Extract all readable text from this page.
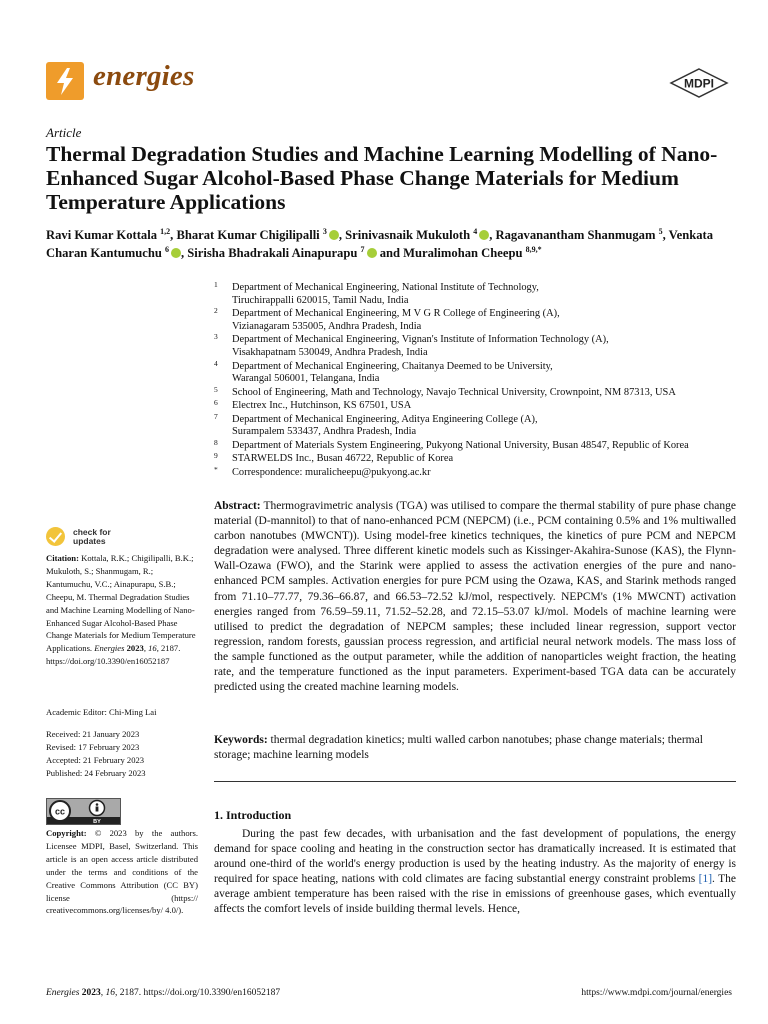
energies	MDPI
Article
Thermal Degradation Studies and Machine Learning Modelling of Nano-Enhanced Sugar Alcohol-Based Phase Change Materials for Medium Temperature Applications
Ravi Kumar Kottala $^{1,2}$, Bharat Kumar Chigilipalli $^3$ , Srinivasnaik Mukuloth $^4$ , Ragavanantham Shanmugam $^5$, Venkata Charan Kantumuchu $^6$ , Sirisha Bhadrakali Ainapurapu $^7$ and Muralimohan Cheepu $^{8,9,*}$
1 Department of Mechanical Engineering, National Institute of Technology,
Tiruchirappalli 620015, Tamil Nadu, India
2 Department of Mechanical Engineering, M V G R College of Engineering (A),
Vizianagaram 535005, Andhra Pradesh, India
3 Department of Mechanical Engineering, Vignan's Institute of Information Technology (A),
Visakhapatnam 530049, Andhra Pradesh, India
4 Department of Mechanical Engineering, Chaitanya Deemed to be University,
Warangal 506001, Telangana, India
5 School of Engineering, Math and Technology, Navajo Technical University, Crownpoint, NM 87313, USA
6 Electrex Inc., Hutchinson, KS 67501, USA
7 Department of Mechanical Engineering, Aditya Engineering College (A),
Surampalem 533437, Andhra Pradesh, India
8 Department of Materials System Engineering, Pukyong National University, Busan 48547, Republic of Korea
9 STARWELDS Inc., Busan 46722, Republic of Korea
* Correspondence: muralicheepu@pukyong.ac.kr
check for
updates
Citation: Kottala, R.K.; Chigilipalli, B.K.; Mukuloth, S.; Shanmugam, R.; Kantumuchu, V.C.; Ainapurapu, S.B.; Cheepu, M. Thermal Degradation Studies and Machine Learning Modelling of Nano-Enhanced Sugar Alcohol-Based Phase Change Materials for Medium Temperature Applications. Energies 2023, 16, 2187. https://doi.org/10.3390/en16052187
Academic Editor: Chi-Ming Lai
Received: 21 January 2023
Revised: 17 February 2023
Accepted: 21 February 2023
Published: 24 February 2023
cc
BY
Copyright: © 2023 by the authors. Licensee MDPI, Basel, Switzerland. This article is an open access article distributed under the terms and conditions of the Creative Commons Attribution (CC BY) license (https:// creativecommons.org/licenses/by/ 4.0/).
Abstract: Thermogravimetric analysis (TGA) was utilised to compare the thermal stability of pure phase change material (D-mannitol) to that of nano-enhanced PCM (NEPCM) (i.e., PCM containing 0.5% and 1% multiwalled carbon nanotubes (MWCNT)). Using model-free kinetics techniques, the kinetics of pure PCM and NEPCM degradation were analysed. Three different kinetic models such as Kissinger-Akahira-Sunose (KAS), the Flynn-Wall-Ozawa (FWO), and the Starink were applied to assess the activation energies of the pure and nano-enhanced PCM samples. Activation energies for pure PCM using the Ozawa, KAS, and Starink methods ranged from 71.10–77.77, 79.36–66.87, and 66.53–72.52 kJ/mol, respectively. NEPCM's (1% MWCNT) activation energies ranged from 76.59–59.11, 71.52–52.28, and 72.15–53.07 kJ/mol. Models of machine learning were utilised to predict the degradation of NEPCM samples; these included linear regression, support vector regression, random forests, gaussian process regression, and artificial neural network models. The mass loss of the sample functioned as the output parameter, while the addition of nanoparticles weight fraction, the heating rate, and the temperature functioned as the input parameters. Experiment-based TGA data can be accurately predicted using the created machine learning models.
Keywords: thermal degradation kinetics; multi walled carbon nanotubes; phase change materials; thermal storage; machine learning models
1. Introduction
During the past few decades, with urbanisation and the fast development of populations, the energy demand for space cooling and heating in the construction sector has dramatically increased. It is estimated that around one-third of the world's energy production is used by the heating industry. As the majority of energy is required for space heating, nations with cold climates are facing substantial energy constraint problems [1]. The average ambient temperature has been raised with the rise in emissions of greenhouse gases, which eventually affects the comfort levels of inside building thermal levels. Hence,
Energies 2023, 16, 2187. https://doi.org/10.3390/en16052187	https://www.mdpi.com/journal/energies
